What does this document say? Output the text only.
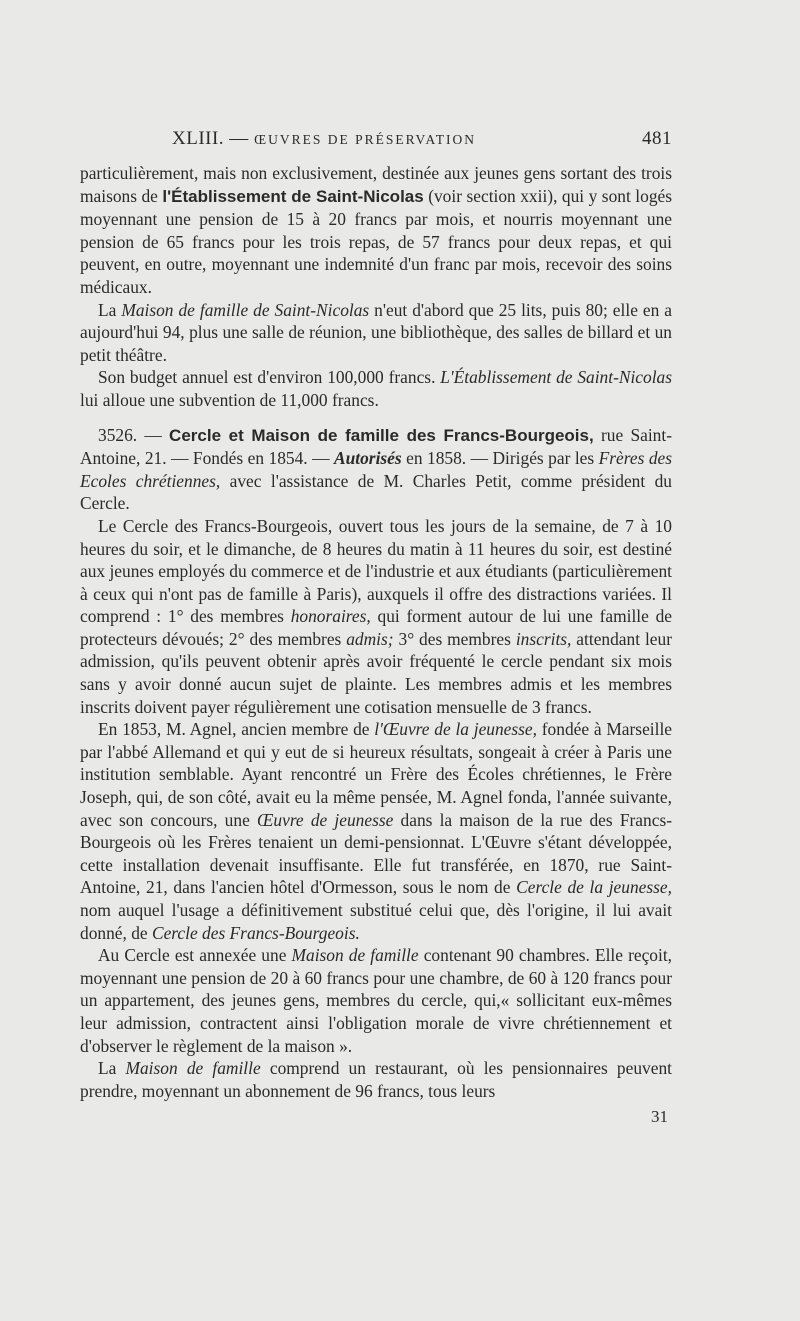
XLIII. — ŒUVRES DE PRÉSERVATION	481

particulièrement, mais non exclusivement, destinée aux jeunes gens sortant des trois maisons de l'Établissement de Saint-Nicolas (voir section xxii), qui y sont logés moyennant une pension de 15 à 20 francs par mois, et nourris moyennant une pension de 65 francs pour les trois repas, de 57 francs pour deux repas, et qui peuvent, en outre, moyennant une indemnité d'un franc par mois, recevoir des soins médicaux.

La Maison de famille de Saint-Nicolas n'eut d'abord que 25 lits, puis 80; elle en a aujourd'hui 94, plus une salle de réunion, une bibliothèque, des salles de billard et un petit théâtre.

Son budget annuel est d'environ 100,000 francs. L'Établissement de Saint-Nicolas lui alloue une subvention de 11,000 francs.

3526. — Cercle et Maison de famille des Francs-Bourgeois, rue Saint-Antoine, 21. — Fondés en 1854. — Autorisés en 1858. — Dirigés par les Frères des Ecoles chrétiennes, avec l'assistance de M. Charles Petit, comme président du Cercle.

Le Cercle des Francs-Bourgeois, ouvert tous les jours de la semaine, de 7 à 10 heures du soir, et le dimanche, de 8 heures du matin à 11 heures du soir, est destiné aux jeunes employés du commerce et de l'industrie et aux étudiants (particulièrement à ceux qui n'ont pas de famille à Paris), auxquels il offre des distractions variées. Il comprend : 1° des membres honoraires, qui forment autour de lui une famille de protecteurs dévoués; 2° des membres admis; 3° des membres inscrits, attendant leur admission, qu'ils peuvent obtenir après avoir fréquenté le cercle pendant six mois sans y avoir donné aucun sujet de plainte. Les membres admis et les membres inscrits doivent payer régulièrement une cotisation mensuelle de 3 francs.

En 1853, M. Agnel, ancien membre de l'Œuvre de la jeunesse, fondée à Marseille par l'abbé Allemand et qui y eut de si heureux résultats, songeait à créer à Paris une institution semblable. Ayant rencontré un Frère des Écoles chrétiennes, le Frère Joseph, qui, de son côté, avait eu la même pensée, M. Agnel fonda, l'année suivante, avec son concours, une Œuvre de jeunesse dans la maison de la rue des Francs-Bourgeois où les Frères tenaient un demi-pensionnat. L'Œuvre s'étant développée, cette installation devenait insuffisante. Elle fut transférée, en 1870, rue Saint-Antoine, 21, dans l'ancien hôtel d'Ormesson, sous le nom de Cercle de la jeunesse, nom auquel l'usage a définitivement substitué celui que, dès l'origine, il lui avait donné, de Cercle des Francs-Bourgeois.

Au Cercle est annexée une Maison de famille contenant 90 chambres. Elle reçoit, moyennant une pension de 20 à 60 francs pour une chambre, de 60 à 120 francs pour un appartement, des jeunes gens, membres du cercle, qui,« sollicitant eux-mêmes leur admission, contractent ainsi l'obligation morale de vivre chrétiennement et d'observer le règlement de la maison ».

La Maison de famille comprend un restaurant, où les pensionnaires peuvent prendre, moyennant un abonnement de 96 francs, tous leurs

31
